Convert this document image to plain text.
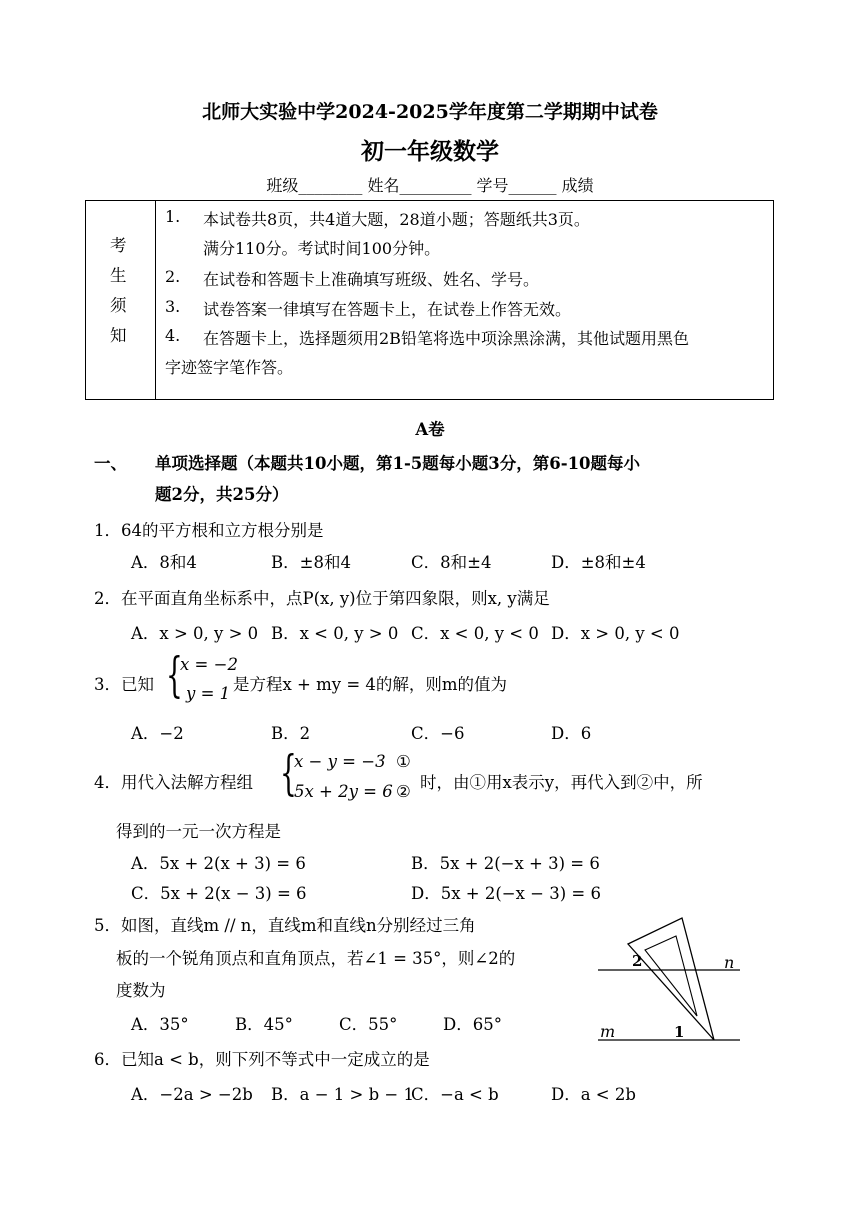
北师大实验中学2024-2025学年度第二学期期中试卷
初一年级数学
班级________ 姓名_________ 学号______ 成绩
考
生
须
知
1. 本试卷共8页，共4道大题，28道小题；答题纸共3页。
满分110分。考试时间100分钟。
2. 在试卷和答题卡上准确填写班级、姓名、学号。
3. 试卷答案一律填写在答题卡上，在试卷上作答无效。
4. 在答题卡上，选择题须用2B铅笔将选中项涂黑涂满，其他试题用黑色
字迹签字笔作答。
A卷
一、 单项选择题（本题共10小题，第1-5题每小题3分，第6-10题每小
题2分，共25分）
1．64的平方根和立方根分别是
A．8和4	B．±8和4	C．8和±4	D．±8和±4
2．在平面直角坐标系中，点P(x, y)位于第四象限，则x, y满足
A．x > 0, y > 0 B．x < 0, y > 0 C．x < 0, y < 0 D．x > 0, y < 0
3．已知 {
x = −2
y = 1 是方程x + my = 4的解，则m的值为
A．−2	B．2	C．−6	D．6
4．用代入法解方程组 {
x − y = −3
5x + 2y = 6
①
② 时，由①用x表示y，再代入到②中，所
得到的一元一次方程是
A．5x + 2(x + 3) = 6	B．5x + 2(−x + 3) = 6
C．5x + 2(x − 3) = 6	D．5x + 2(−x − 3) = 6
5．如图，直线m // n，直线m和直线n分别经过三角
板的一个锐角顶点和直角顶点，若∠1 = 35°，则∠2的
度数为
A．35°	B．45°	C．55°	D．65°
n
m	1
2
6．已知a < b，则下列不等式中一定成立的是
A．−2a > −2b B．a − 1 > b − 1
C．−a < b	D．a < 2b
